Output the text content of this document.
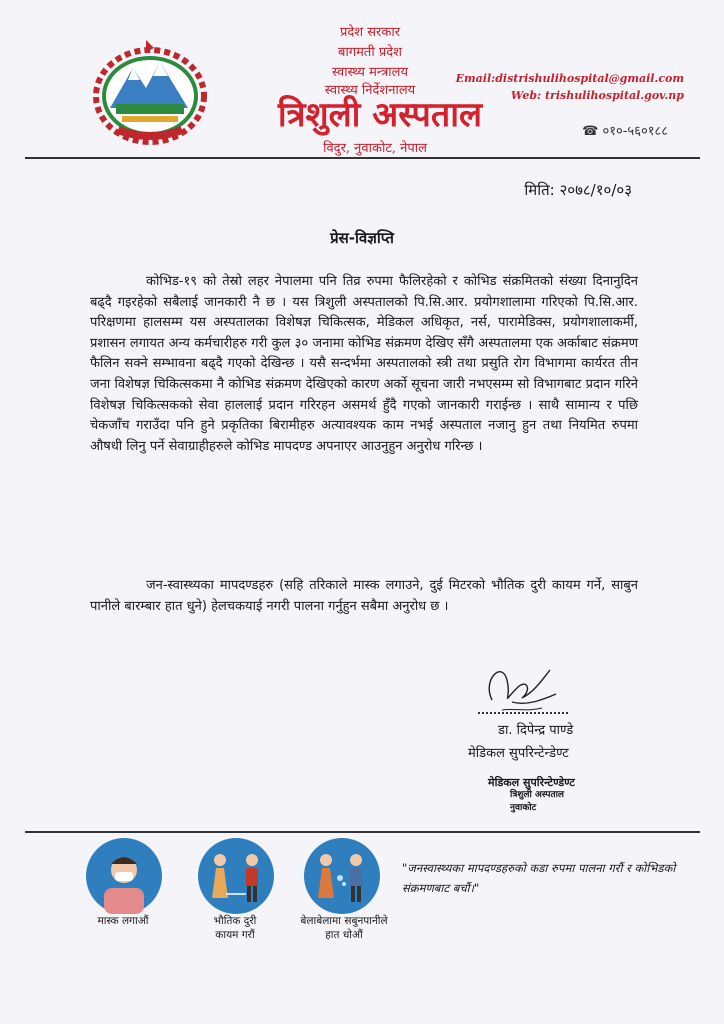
प्रदेश सरकार
बागमती प्रदेश
स्वास्थ्य मन्त्रालय
स्वास्थ्य निर्देशनालय
त्रिशुली अस्पताल
विदुर, नुवाकोट, नेपाल
Email:distrishulihospital@gmail.com
Web: trishulihospital.gov.np
☎ ०१०-५६०१८८
मिति: २०७८/१०/०३
प्रेस-विज्ञप्ति
कोभिड-१९ को तेस्रो लहर नेपालमा पनि तिव्र रुपमा फैलिरहेको र कोभिड संक्रमितको संख्या दिनानुदिन बढ्दै गइरहेको सबैलाई जानकारी नै छ । यस त्रिशुली अस्पतालको पि.सि.आर. प्रयोगशालामा गरिएको पि.सि.आर. परिक्षणमा हालसम्म यस अस्पतालका विशेषज्ञ चिकित्सक, मेडिकल अधिकृत, नर्स, पारामेडिक्स, प्रयोगशालाकर्मी, प्रशासन लगायत अन्य कर्मचारीहरु गरी कुल ३० जनामा कोभिड संक्रमण देखिए सँगै अस्पतालमा एक अर्काबाट संक्रमण फैलिन सक्ने सम्भावना बढ्दै गएको देखिन्छ । यसै सन्दर्भमा अस्पतालको स्त्री तथा प्रसुति रोग विभागमा कार्यरत तीन जना विशेषज्ञ चिकित्सकमा नै कोभिड संक्रमण देखिएको कारण अर्को सूचना जारी नभएसम्म सो विभागबाट प्रदान गरिने विशेषज्ञ चिकित्सकको सेवा हाललाई प्रदान गरिरहन असमर्थ हुँदै गएको जानकारी गराईन्छ । साथै सामान्य र पछि चेकजाँच गराउँदा पनि हुने प्रकृतिका बिरामीहरु अत्यावश्यक काम नभई अस्पताल नजानु हुन तथा नियमित रुपमा औषधी लिनु पर्ने सेवाग्राहीहरुले कोभिड मापदण्ड अपनाएर आउनुहुन अनुरोध गरिन्छ ।
जन-स्वास्थ्यका मापदण्डहरु (सहि तरिकाले मास्क लगाउने, दुई मिटरको भौतिक दुरी कायम गर्ने, साबुन पानीले बारम्बार हात धुने) हेलचकयाई नगरी पालना गर्नुहुन सबैमा अनुरोध छ ।
डा. दिपेन्द्र पाण्डे
मेडिकल सुपरिन्टेन्डेण्ट
मेडिकल सुपरिन्टेण्डेण्ट
त्रिशुली अस्पताल
नुवाकोट
मास्क लगाऔं	भौतिक दुरी
कायम गरौं
बेलाबेलामा सबुनपानीले
हात धोऔं
"जनस्वास्थ्यका मापदण्डहरुको कडा रुपमा पालना गरौं र कोभिडको संक्रमणबाट बचौं।"
